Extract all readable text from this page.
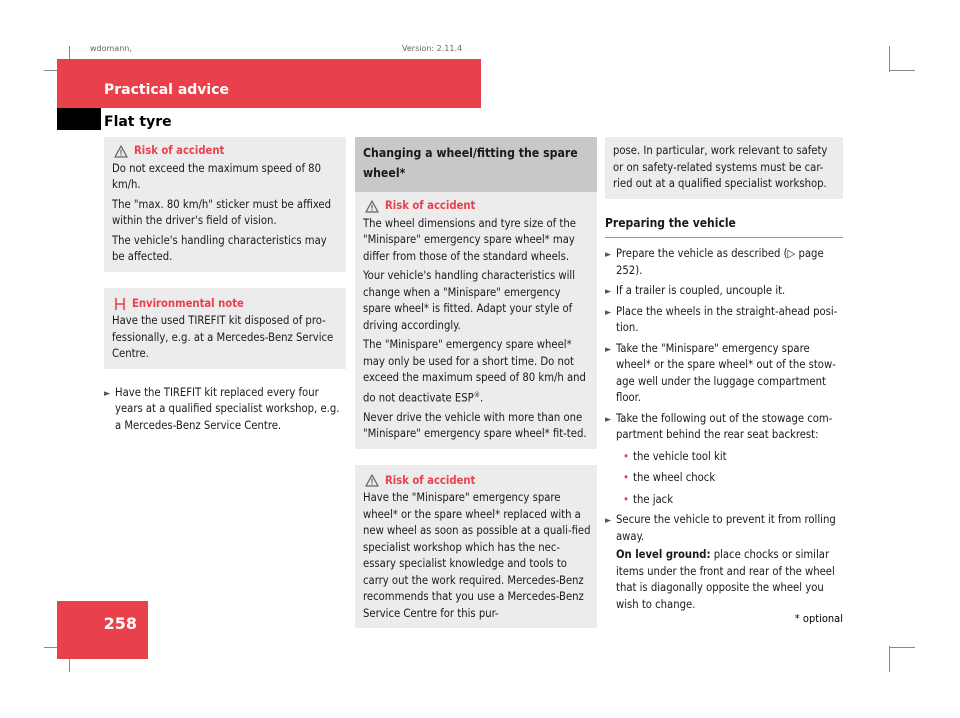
wdomann,	Version: 2.11.4
Practical advice
Flat tyre
Risk of accident

Do not exceed the maximum speed of 80 km/h.

The "max. 80 km/h" sticker must be affixed within the driver's field of vision.

The vehicle's handling characteristics may be affected.

Environmental note

Have the used TIREFIT kit disposed of pro-fessionally, e.g. at a Mercedes-Benz Service Centre.

► Have the TIREFIT kit replaced every four years at a qualified specialist workshop, e.g. a Mercedes-Benz Service Centre.
Changing a wheel/fitting the spare wheel*
Risk of accident

The wheel dimensions and tyre size of the "Minispare" emergency spare wheel* may differ from those of the standard wheels.

Your vehicle's handling characteristics will change when a "Minispare" emergency spare wheel* is fitted. Adapt your style of driving accordingly.

The "Minispare" emergency spare wheel* may only be used for a short time. Do not exceed the maximum speed of 80 km/h and do not deactivate ESP®.

Never drive the vehicle with more than one "Minispare" emergency spare wheel* fit-ted.

Risk of accident

Have the "Minispare" emergency spare wheel* or the spare wheel* replaced with a new wheel as soon as possible at a quali-fied specialist workshop which has the nec-essary specialist knowledge and tools to carry out the work required. Mercedes-Benz recommends that you use a Mercedes-Benz Service Centre for this pur-

pose. In particular, work relevant to safety or on safety-related systems must be car-ried out at a qualified specialist workshop.

Preparing the vehicle
► Prepare the vehicle as described (▷ page 252).
► If a trailer is coupled, uncouple it.
► Place the wheels in the straight-ahead posi-tion.
► Take the "Minispare" emergency spare wheel* or the spare wheel* out of the stow-age well under the luggage compartment floor.
► Take the following out of the stowage com-partment behind the rear seat backrest:
• the vehicle tool kit
• the wheel chock
• the jack
► Secure the vehicle to prevent it from rolling away.
On level ground: place chocks or similar items under the front and rear of the wheel that is diagonally opposite the wheel you wish to change.
258	* optional
